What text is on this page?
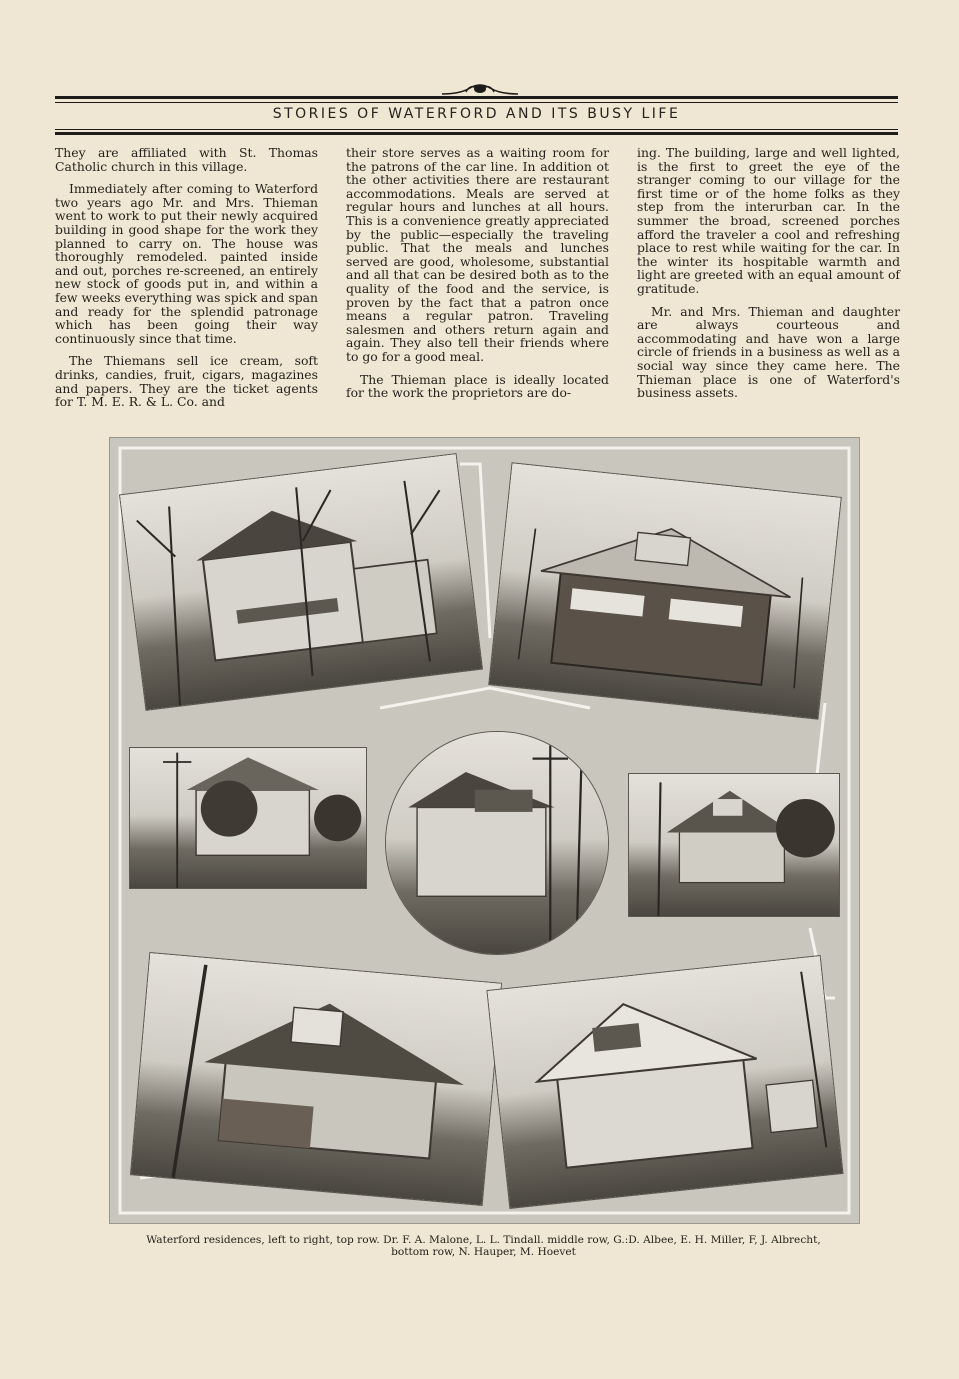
STORIES OF WATERFORD AND ITS BUSY LIFE

They are affiliated with St. Thomas Catholic church in this village.

Immediately after coming to Waterford two years ago Mr. and Mrs. Thieman went to work to put their newly acquired building in good shape for the work they planned to carry on. The house was thoroughly remodeled. painted inside and out, porches re-screened, an entirely new stock of goods put in, and within a few weeks everything was spick and span and ready for the splendid patronage which has been going their way continuously since that time.

The Thiemans sell ice cream, soft drinks, candies, fruit, cigars, magazines and papers. They are the ticket agents for T. M. E. R. & L. Co. and

their store serves as a waiting room for the patrons of the car line. In addition ot the other activities there are restaurant accommodations. Meals are served at regular hours and lunches at all hours. This is a convenience greatly appreciated by the public—especially the traveling public. That the meals and lunches served are good, wholesome, substantial and all that can be desired both as to the quality of the food and the service, is proven by the fact that a patron once means a regular patron. Traveling salesmen and others return again and again. They also tell their friends where to go for a good meal.

The Thieman place is ideally located for the work the proprietors are do-

ing. The building, large and well lighted, is the first to greet the eye of the stranger coming to our village for the first time or of the home folks as they step from the interurban car. In the summer the broad, screened porches afford the traveler a cool and refreshing place to rest while waiting for the car. In the winter its hospitable warmth and light are greeted with an equal amount of gratitude.

Mr. and Mrs. Thieman and daughter are always courteous and accommodating and have won a large circle of friends in a business as well as a social way since they came here. The Thieman place is one of Waterford's business assets.

Waterford residences, left to right, top row. Dr. F. A. Malone, L. L. Tindall. middle row, G.:D. Albee, E. H. Miller, F, J. Albrecht,
bottom row, N. Hauper, M. Hoevet
